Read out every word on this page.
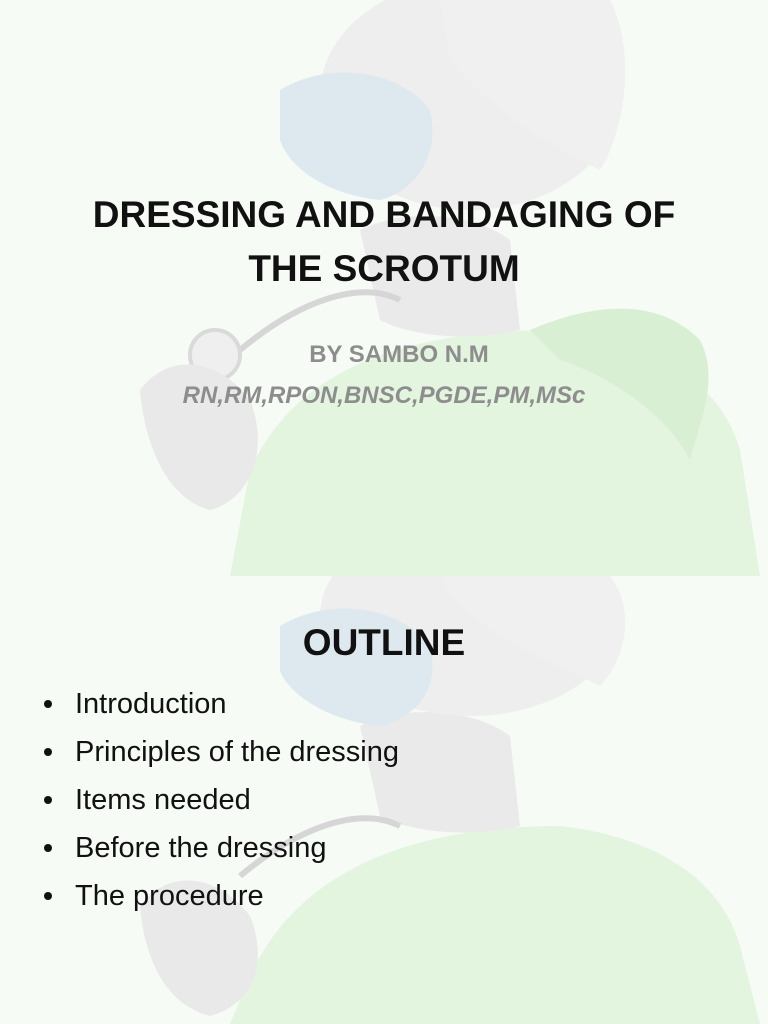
DRESSING AND BANDAGING OF
THE SCROTUM
BY SAMBO N.M
RN,RM,RPON,BNSC,PGDE,PM,MSc
OUTLINE
Introduction
Principles of the dressing
Items needed
Before the dressing
The procedure
